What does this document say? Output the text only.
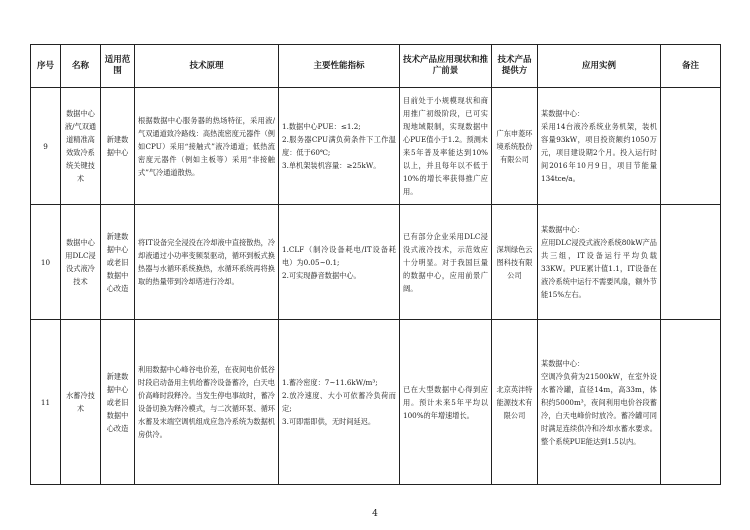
序号	名称	适用范围	技术原理	主要性能指标	技术产品应用现状和推广前景	技术产品提供方	应用实例	备注
9	数据中心液/气双通道精准高效致冷系统关键技术	新建数据中心	根据数据中心服务器的热场特征，采用液/气双通道致冷路线：高热流密度元器件（例如CPU）采用“接触式”液冷通道；低热流密度元器件（例如主板等）采用“非接触式”气冷通道散热。	1.数据中心PUE：≤1.2;
2.服务器CPU满负荷条件下工作温度：低于60℃;
3.单机架装机容量：≥25kW。	目前处于小规模现状和商用推广初级阶段，已可实现地域限制，实现数据中心PUE值小于1.2。预测未来5年普及率能达到10%以上，并且每年以不低于10%的增长率获得推广应用。	广东申菱环境系统股份有限公司	某数据中心：
采用14台液冷系统业务机架，装机容量93kW，项目投资额约1050万元，项目建设期2个月。投入运行时间2016年10月9日，项目节能量134tce/a。	
10	数据中心用DLC浸没式液冷技术	新建数据中心或老旧数据中心改造	将IT设备完全浸没在冷却液中直接散热，冷却液通过小功率变频泵驱动，循环到板式换热器与水循环系统换热，水循环系统再将换取的热量带到冷却塔进行冷却。	1.CLF（制冷设备耗电/IT设备耗电）为0.05~0.1;
2.可实现静音数据中心。	已有部分企业采用DLC浸没式液冷技术，示范效应十分明显。对于我国巨量的数据中心，应用前景广阔。	深圳绿色云图科技有限公司	某数据中心：
应用DLC浸没式液冷系统80kW产品共三组，IT设备运行平均负载33KW。PUE累计值1.1，IT设备在液冷系统中运行不需要风扇，额外节能15%左右。	
11	水蓄冷技术	新建数据中心或老旧数据中心改造	利用数据中心峰谷电价差，在夜间电价低谷时段启动备用主机给蓄冷设备蓄冷，白天电价高峰时段释冷。当发生停电事故时，蓄冷设备切换为释冷模式，与二次循环泵、循环水蓄及末端空调机组成应急冷系统为数据机房供冷。	1.蓄冷密度：7~11.6kW/m³;
2.放冷速度、大小可依蓄冷负荷而定;
3.可即需即供，无时间延迟。	已在大型数据中心得到应用。预计未来5年平均以100%的年增速增长。	北京英沣特能源技术有限公司	某数据中心：
空调冷负荷为21500kW，在室外设水蓄冷罐，直径14m，高33m，体积约5000m³，夜间利用电价谷段蓄冷，白天电峰价时放冷。蓄冷罐可同时满足连续供冷和冷却水蓄水要求。整个系统PUE能达到1.5以内。	
4
